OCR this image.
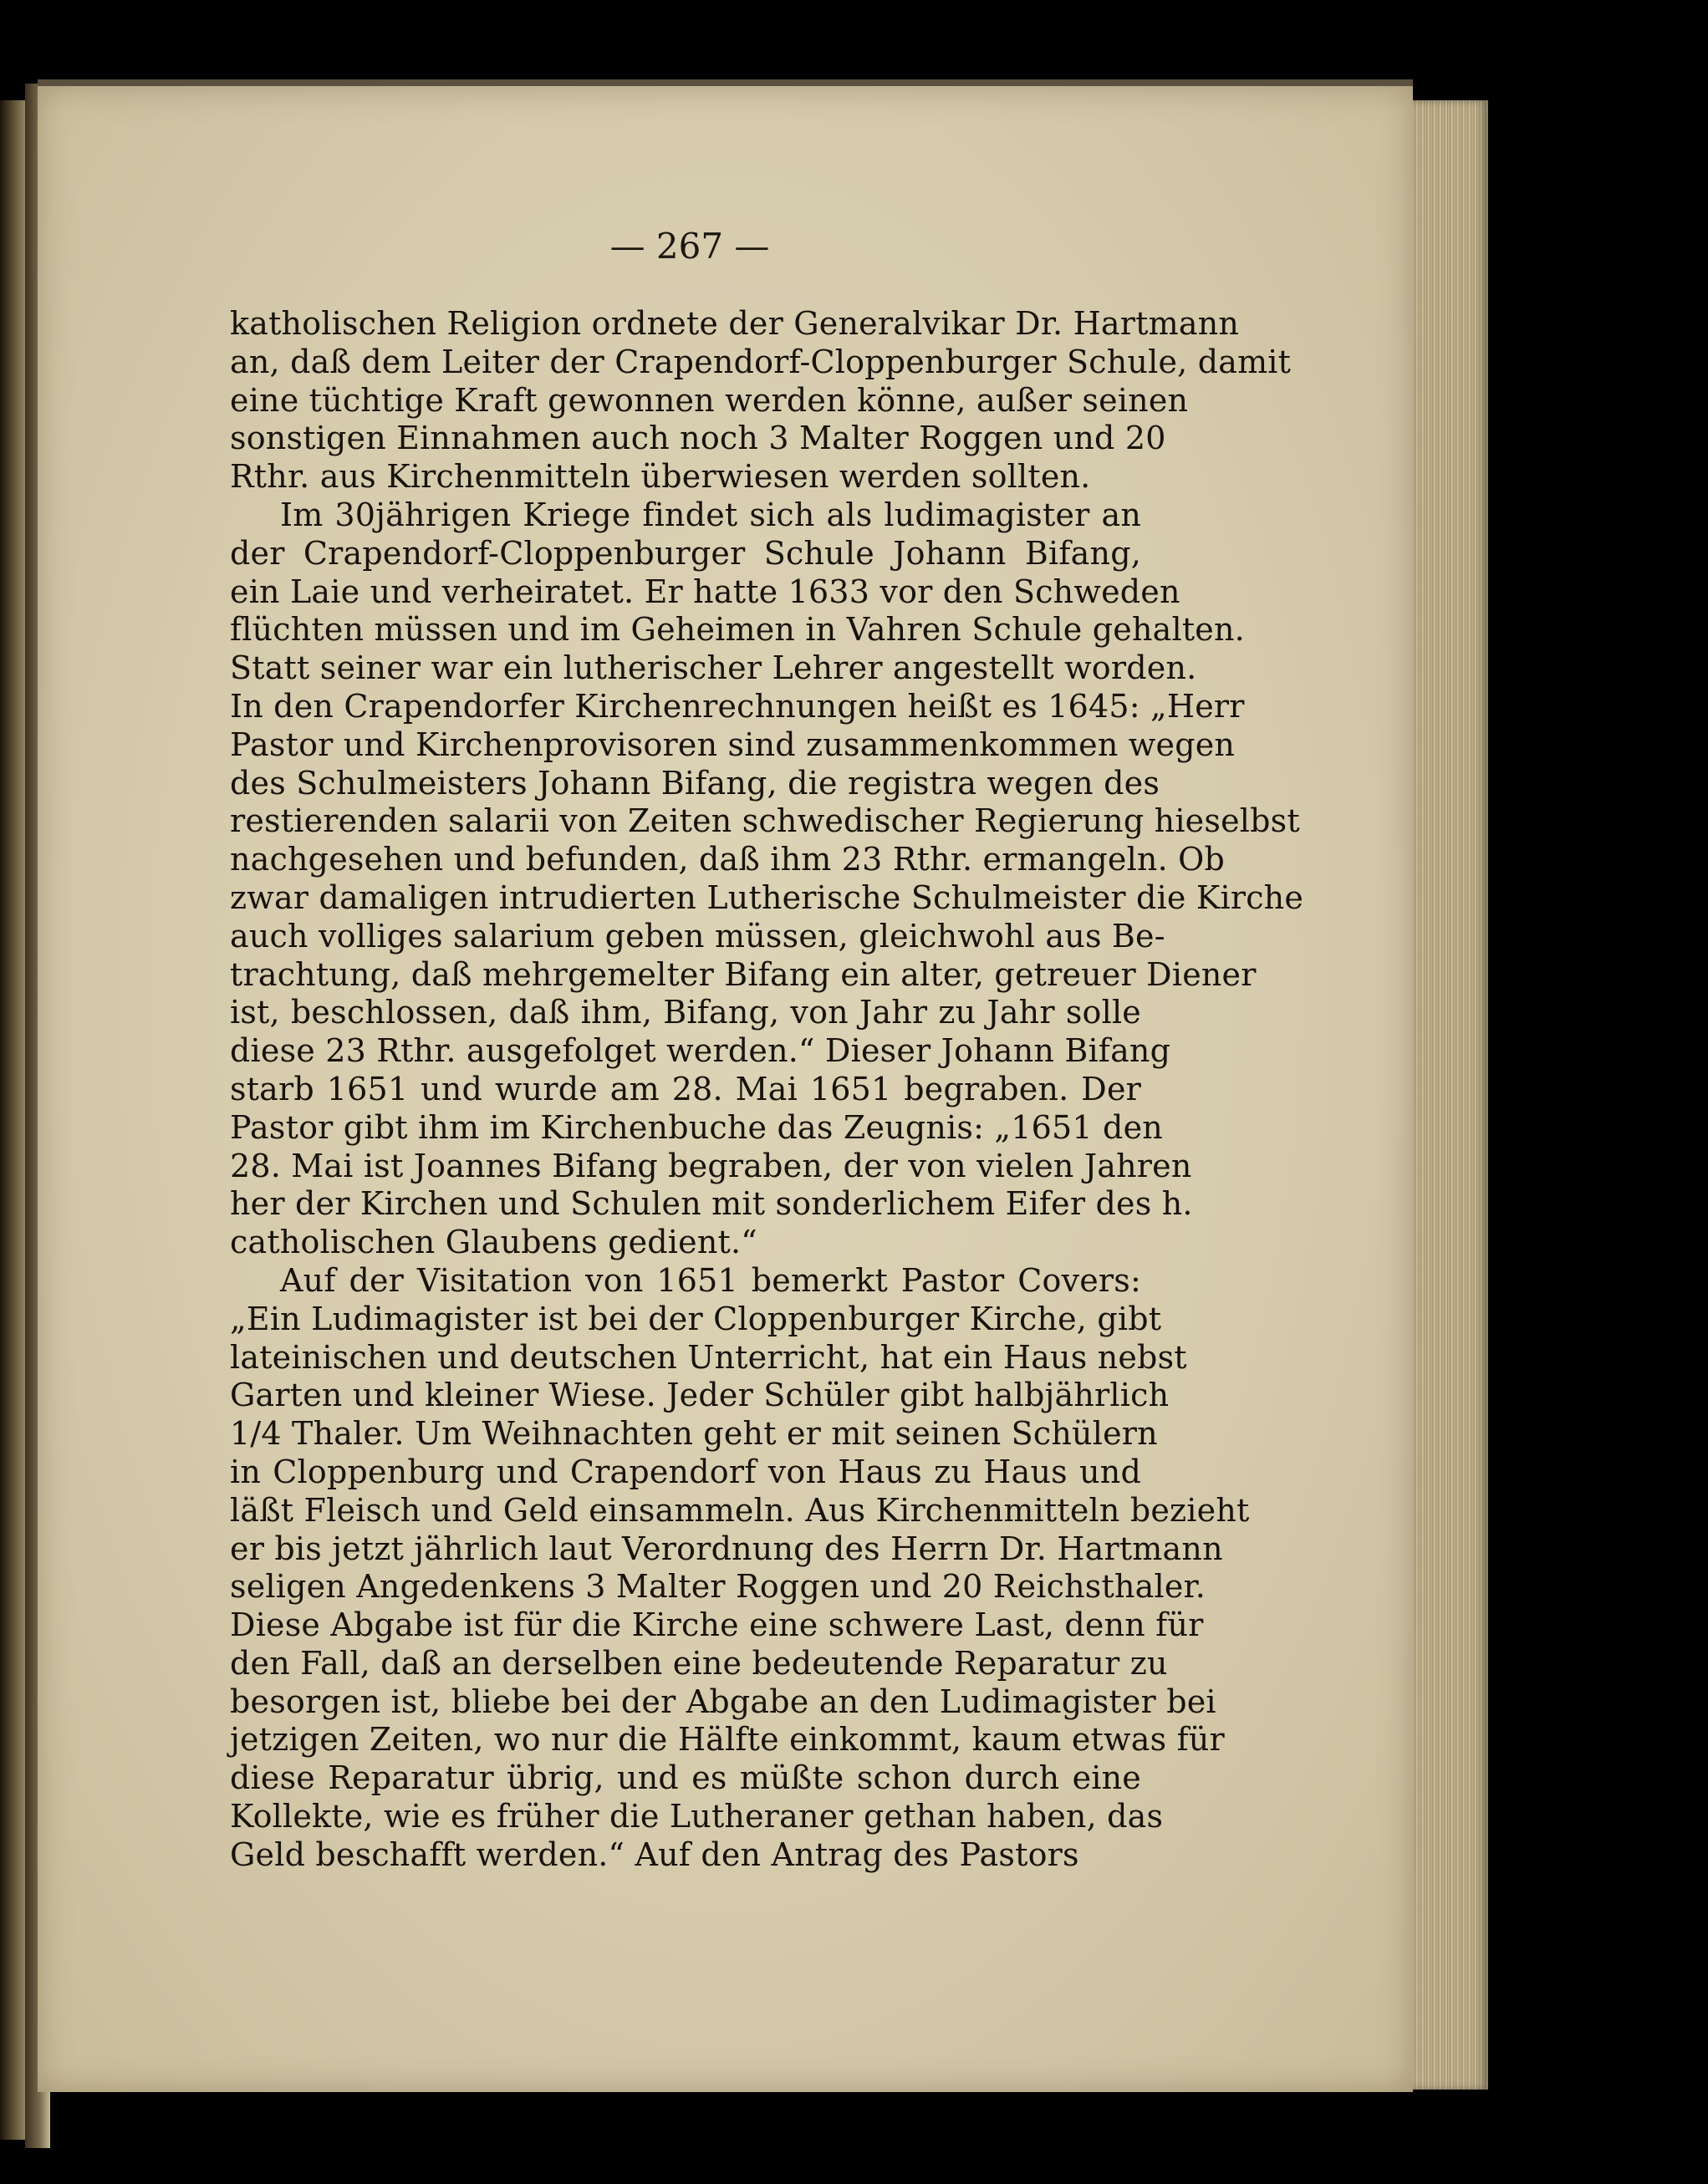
— 267 —
katholischen Religion ordnete der Generalvikar Dr. Hartmann
an, daß dem Leiter der Crapendorf-Cloppenburger Schule, damit
eine tüchtige Kraft gewonnen werden könne, außer seinen
sonstigen Einnahmen auch noch 3 Malter Roggen und 20
Rthr. aus Kirchenmitteln überwiesen werden sollten.
Im 30jährigen Kriege findet sich als ludimagister an
der Crapendorf-Cloppenburger Schule Johann Bifang,
ein Laie und verheiratet. Er hatte 1633 vor den Schweden
flüchten müssen und im Geheimen in Vahren Schule gehalten.
Statt seiner war ein lutherischer Lehrer angestellt worden.
In den Crapendorfer Kirchenrechnungen heißt es 1645: „Herr
Pastor und Kirchenprovisoren sind zusammenkommen wegen
des Schulmeisters Johann Bifang, die registra wegen des
restierenden salarii von Zeiten schwedischer Regierung hieselbst
nachgesehen und befunden, daß ihm 23 Rthr. ermangeln. Ob
zwar damaligen intrudierten Lutherische Schulmeister die Kirche
auch volliges salarium geben müssen, gleichwohl aus Be-
trachtung, daß mehrgemelter Bifang ein alter, getreuer Diener
ist, beschlossen, daß ihm, Bifang, von Jahr zu Jahr solle
diese 23 Rthr. ausgefolget werden.“ Dieser Johann Bifang
starb 1651 und wurde am 28. Mai 1651 begraben. Der
Pastor gibt ihm im Kirchenbuche das Zeugnis: „1651 den
28. Mai ist Joannes Bifang begraben, der von vielen Jahren
her der Kirchen und Schulen mit sonderlichem Eifer des h.
catholischen Glaubens gedient.“
Auf der Visitation von 1651 bemerkt Pastor Covers:
„Ein Ludimagister ist bei der Cloppenburger Kirche, gibt
lateinischen und deutschen Unterricht, hat ein Haus nebst
Garten und kleiner Wiese. Jeder Schüler gibt halbjährlich
1/4 Thaler. Um Weihnachten geht er mit seinen Schülern
in Cloppenburg und Crapendorf von Haus zu Haus und
läßt Fleisch und Geld einsammeln. Aus Kirchenmitteln bezieht
er bis jetzt jährlich laut Verordnung des Herrn Dr. Hartmann
seligen Angedenkens 3 Malter Roggen und 20 Reichsthaler.
Diese Abgabe ist für die Kirche eine schwere Last, denn für
den Fall, daß an derselben eine bedeutende Reparatur zu
besorgen ist, bliebe bei der Abgabe an den Ludimagister bei
jetzigen Zeiten, wo nur die Hälfte einkommt, kaum etwas für
diese Reparatur übrig, und es müßte schon durch eine
Kollekte, wie es früher die Lutheraner gethan haben, das
Geld beschafft werden.“ Auf den Antrag des Pastors
